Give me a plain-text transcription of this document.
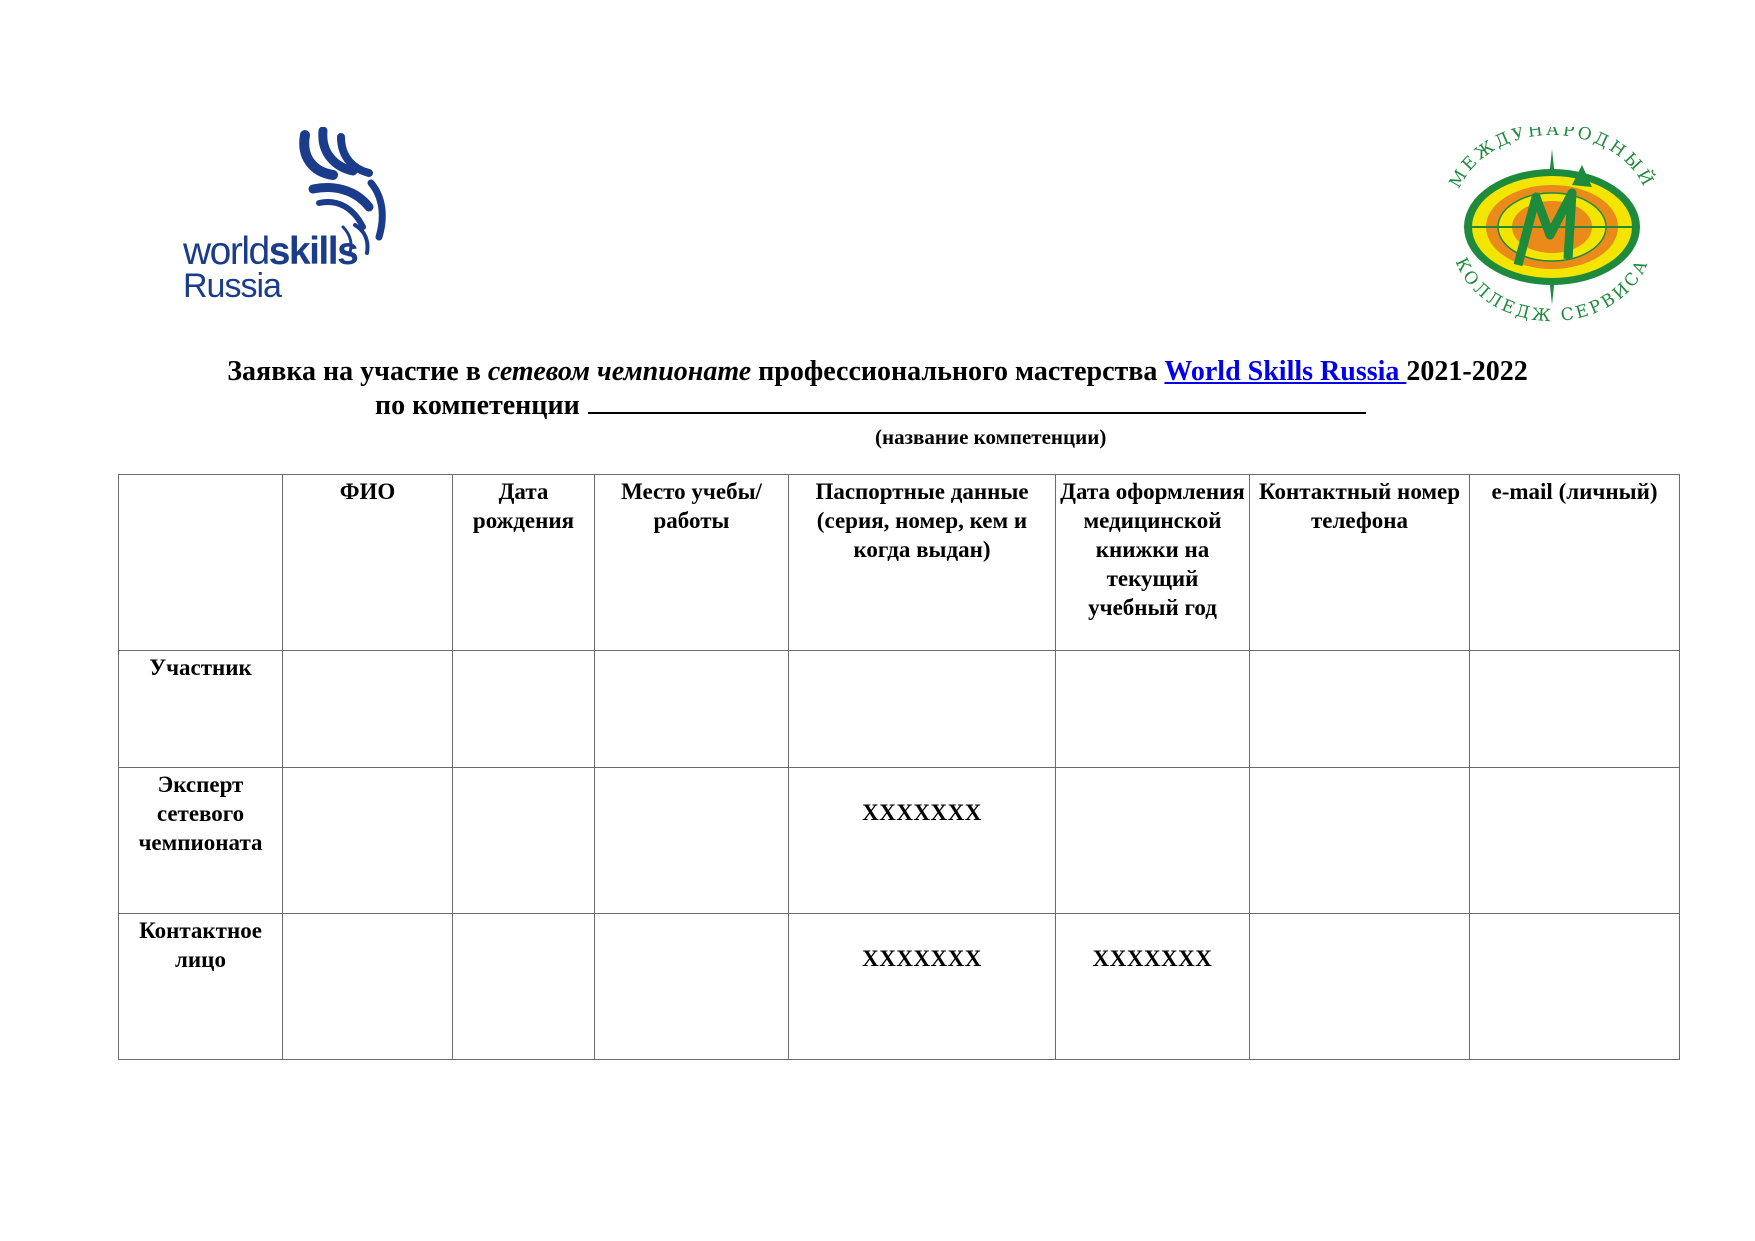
worldskills
Russia
МЕЖДУНАРОДНЫЙ
КОЛЛЕДЖ СЕРВИСА
Заявка на участие в сетевом чемпионате профессионального мастерства World Skills Russia 2021-2022
по компетенции
(название компетенции)
	ФИО	Дата рождения	Место учебы/ работы	Паспортные данные (серия, номер, кем и когда выдан)	Дата оформления медицинской книжки на текущий учебный год	Контактный номер телефона	e-mail (личный)
Участник							
Эксперт сетевого чемпионата				XXXXXXX			
Контактное лицо				XXXXXXX	XXXXXXX		
